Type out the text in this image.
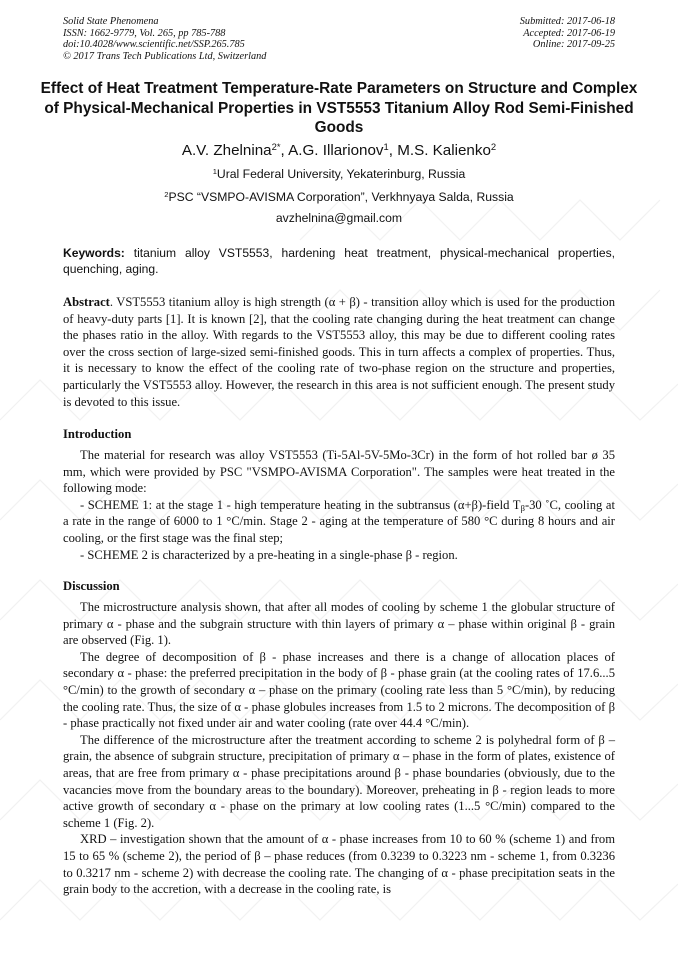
Solid State Phenomena
ISSN: 1662-9779, Vol. 265, pp 785-788
doi:10.4028/www.scientific.net/SSP.265.785
© 2017 Trans Tech Publications Ltd, Switzerland
Submitted: 2017-06-18
Accepted: 2017-06-19
Online: 2017-09-25
Effect of Heat Treatment Temperature-Rate Parameters on Structure and Complex of Physical-Mechanical Properties in VST5553 Titanium Alloy Rod Semi-Finished Goods
A.V. Zhelnina$^{2*}$, A.G. Illarionov$^1$, M.S. Kalienko$^2$
$^1$Ural Federal University, Yekaterinburg, Russia
$^2$PSC “VSMPO-AVISMA Corporation”, Verkhnyaya Salda, Russia
avzhelnina@gmail.com
Keywords: titanium alloy VST5553, hardening heat treatment, physical-mechanical properties, quenching, aging.

Abstract. VST5553 titanium alloy is high strength (α + β) - transition alloy which is used for the production of heavy-duty parts [1]. It is known [2], that the cooling rate changing during the heat treatment can change the phases ratio in the alloy. With regards to the VST5553 alloy, this may be due to different cooling rates over the cross section of large-sized semi-finished goods. This in turn affects a complex of properties. Thus, it is necessary to know the effect of the cooling rate of two-phase region on the structure and properties, particularly the VST5553 alloy. However, the research in this area is not sufficient enough. The present study is devoted to this issue.

Introduction

The material for research was alloy VST5553 (Ti-5Al-5V-5Mo-3Cr) in the form of hot rolled bar ø 35 mm, which were provided by PSC "VSMPO-AVISMA Corporation". The samples were heat treated in the following mode:

- SCHEME 1: at the stage 1 - high temperature heating in the subtransus (α+β)-field $T_\beta-30$ ˚C, cooling at a rate in the range of 6000 to 1 °C/min. Stage 2 - aging at the temperature of 580 °C during 8 hours and air cooling, or the first stage was the final step;

- SCHEME 2 is characterized by a pre-heating in a single-phase β - region.

Discussion

The microstructure analysis shown, that after all modes of cooling by scheme 1 the globular structure of primary α - phase and the subgrain structure with thin layers of primary α – phase within original β - grain are observed (Fig. 1).

The degree of decomposition of β - phase increases and there is a change of allocation places of secondary α - phase: the preferred precipitation in the body of β - phase grain (at the cooling rates of 17.6...5 °C/min) to the growth of secondary α – phase on the primary (cooling rate less than 5 °C/min), by reducing the cooling rate. Thus, the size of α - phase globules increases from 1.5 to 2 microns. The decomposition of β - phase practically not fixed under air and water cooling (rate over 44.4 °C/min).

The difference of the microstructure after the treatment according to scheme 2 is polyhedral form of β – grain, the absence of subgrain structure, precipitation of primary α – phase in the form of plates, existence of areas, that are free from primary α - phase precipitations around β - phase boundaries (obviously, due to the vacancies move from the boundary areas to the boundary). Moreover, preheating in β - region leads to more active growth of secondary α - phase on the primary at low cooling rates (1...5 °C/min) compared to the scheme 1 (Fig. 2).

XRD – investigation shown that the amount of α - phase increases from 10 to 60 % (scheme 1) and from 15 to 65 % (scheme 2), the period of β – phase reduces (from 0.3239 to 0.3223 nm - scheme 1, from 0.3236 to 0.3217 nm - scheme 2) with decrease the cooling rate. The changing of α - phase precipitation seats in the grain body to the accretion, with a decrease in the cooling rate, is
